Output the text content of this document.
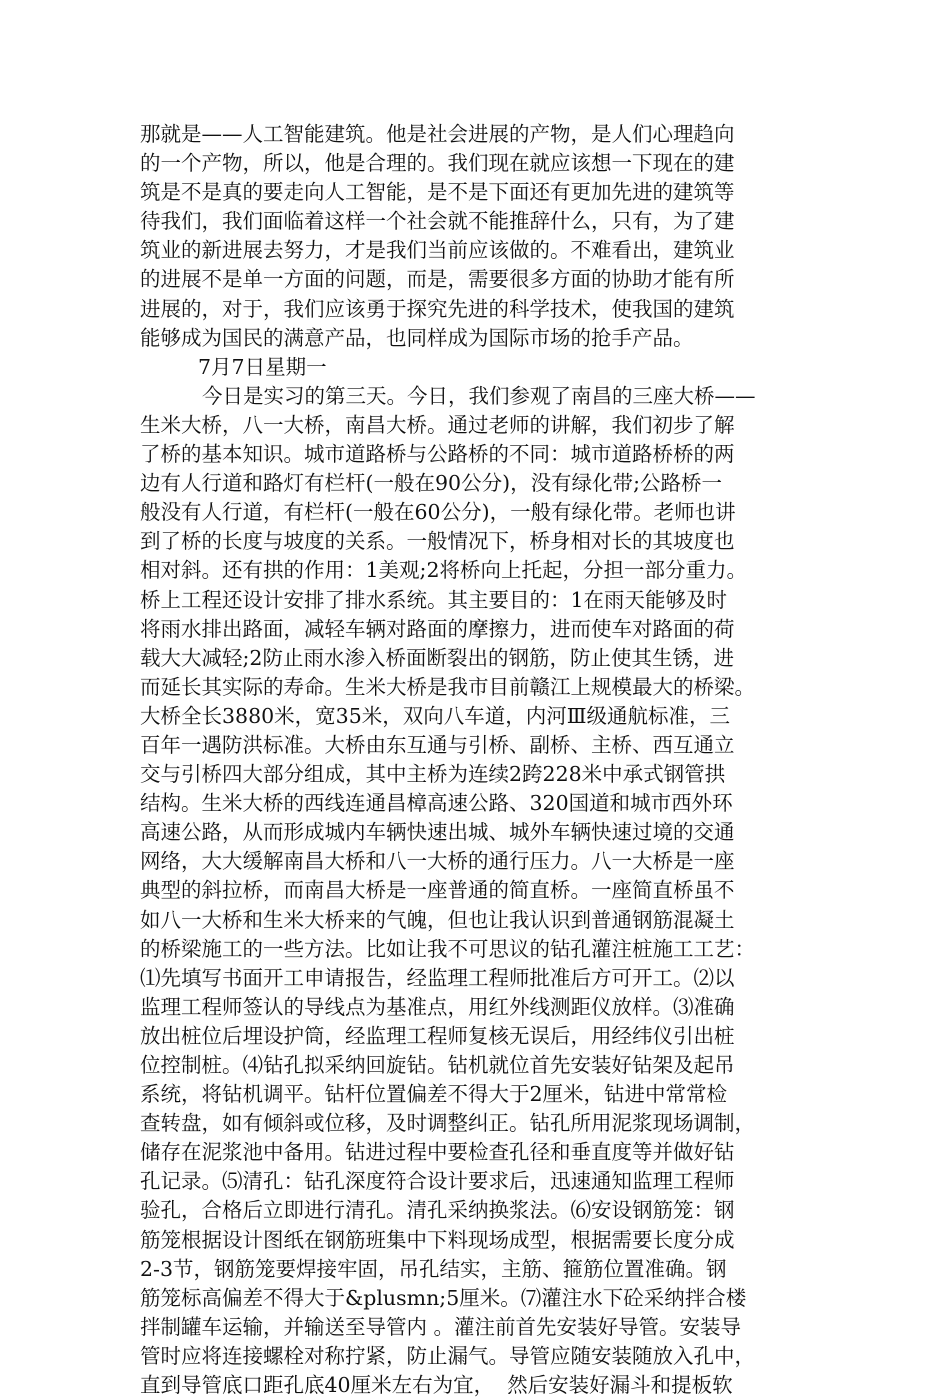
那就是——人工智能建筑。他是社会进展的产物，是人们心理趋向
的一个产物，所以，他是合理的。我们现在就应该想一下现在的建
筑是不是真的要走向人工智能，是不是下面还有更加先进的建筑等
待我们，我们面临着这样一个社会就不能推辞什么，只有，为了建
筑业的新进展去努力，才是我们当前应该做的。不难看出，建筑业
的进展不是单一方面的问题，而是，需要很多方面的协助才能有所
进展的，对于，我们应该勇于探究先进的科学技术，使我国的建筑
能够成为国民的满意产品，也同样成为国际市场的抢手产品。
7月7日星期一
今日是实习的第三天。今日，我们参观了南昌的三座大桥——
生米大桥，八一大桥，南昌大桥。通过老师的讲解，我们初步了解
了桥的基本知识。城市道路桥与公路桥的不同：城市道路桥桥的两
边有人行道和路灯有栏杆(一般在90公分)，没有绿化带;公路桥一
般没有人行道，有栏杆(一般在60公分)，一般有绿化带。老师也讲
到了桥的长度与坡度的关系。一般情况下，桥身相对长的其坡度也
相对斜。还有拱的作用：1美观;2将桥向上托起，分担一部分重力。
桥上工程还设计安排了排水系统。其主要目的：1在雨天能够及时
将雨水排出路面，减轻车辆对路面的摩擦力，进而使车对路面的荷
载大大减轻;2防止雨水渗入桥面断裂出的钢筋，防止使其生锈，进
而延长其实际的寿命。生米大桥是我市目前赣江上规模最大的桥梁。
大桥全长3880米，宽35米，双向八车道，内河Ⅲ级通航标准，三
百年一遇防洪标准。大桥由东互通与引桥、副桥、主桥、西互通立
交与引桥四大部分组成，其中主桥为连续2跨228米中承式钢管拱
结构。生米大桥的西线连通昌樟高速公路、320国道和城市西外环
高速公路，从而形成城内车辆快速出城、城外车辆快速过境的交通
网络，大大缓解南昌大桥和八一大桥的通行压力。八一大桥是一座
典型的斜拉桥，而南昌大桥是一座普通的简直桥。一座简直桥虽不
如八一大桥和生米大桥来的气魄，但也让我认识到普通钢筋混凝土
的桥梁施工的一些方法。比如让我不可思议的钻孔灌注桩施工工艺：
⑴先填写书面开工申请报告，经监理工程师批准后方可开工。⑵以
监理工程师签认的导线点为基准点，用红外线测距仪放样。⑶准确
放出桩位后埋设护筒，经监理工程师复核无误后，用经纬仪引出桩
位控制桩。⑷钻孔拟采纳回旋钻。钻机就位首先安装好钻架及起吊
系统，将钻机调平。钻杆位置偏差不得大于2厘米，钻进中常常检
查转盘，如有倾斜或位移，及时调整纠正。钻孔所用泥浆现场调制，
储存在泥浆池中备用。钻进过程中要检查孔径和垂直度等并做好钻
孔记录。⑸清孔：钻孔深度符合设计要求后，迅速通知监理工程师
验孔，合格后立即进行清孔。清孔采纳换浆法。⑹安设钢筋笼：钢
筋笼根据设计图纸在钢筋班集中下料现场成型，根据需要长度分成
2-3节，钢筋笼要焊接牢固，吊孔结实，主筋、箍筋位置准确。钢
筋笼标高偏差不得大于&plusmn;5厘米。⑺灌注水下砼采纳拌合楼
拌制罐车运输，并输送至导管内 。灌注前首先安装好导管。安装导
管时应将连接螺栓对称拧紧，防止漏气。导管应随安装随放入孔中，
直到导管底口距孔底40厘米左右为宜，  然后安装好漏斗和提板软
